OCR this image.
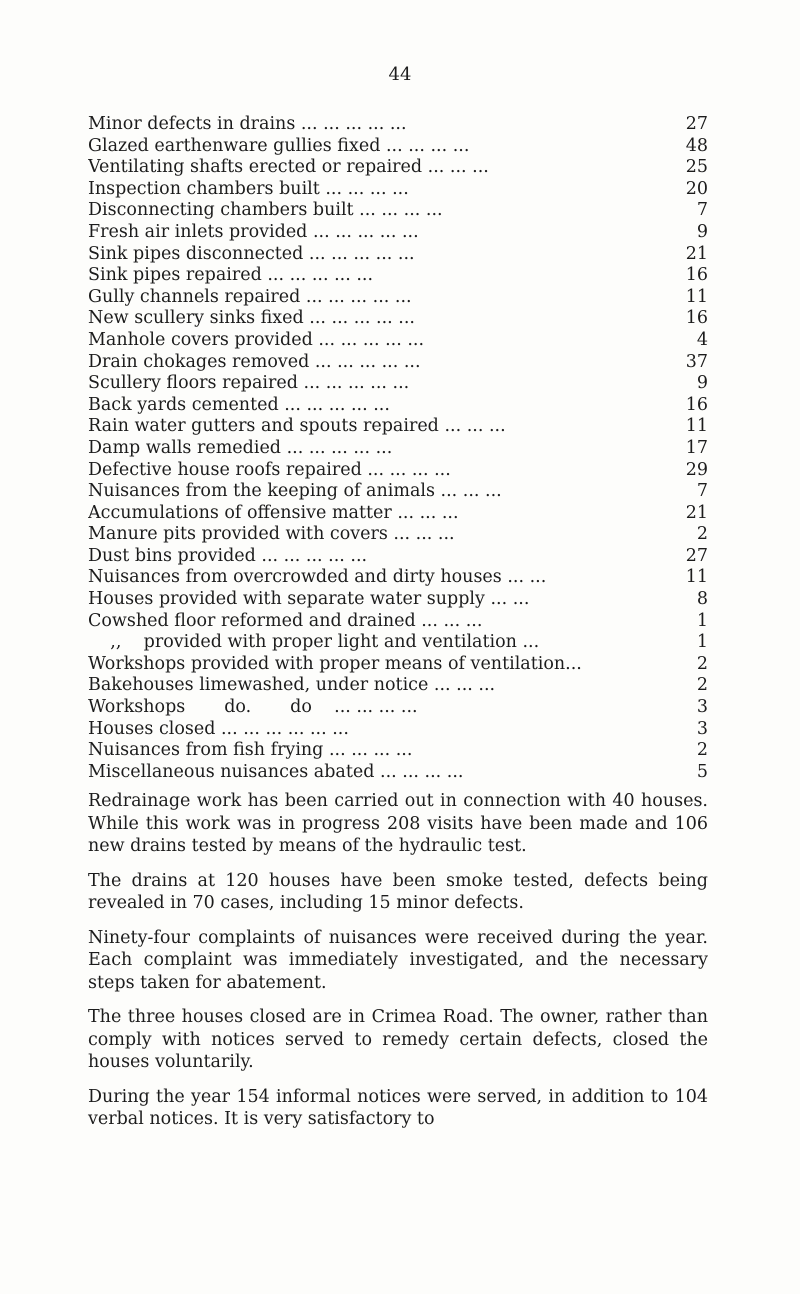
44
Minor defects in drains ... ... ... ... ...	27
Glazed earthenware gullies fixed ... ... ... ...	48
Ventilating shafts erected or repaired ... ... ...	25
Inspection chambers built ... ... ... ...	20
Disconnecting chambers built ... ... ... ...	7
Fresh air inlets provided ... ... ... ... ...	9
Sink pipes disconnected ... ... ... ... ...	21
Sink pipes repaired ... ... ... ... ...	16
Gully channels repaired ... ... ... ... ...	11
New scullery sinks fixed ... ... ... ... ...	16
Manhole covers provided ... ... ... ... ...	4
Drain chokages removed ... ... ... ... ...	37
Scullery floors repaired ... ... ... ... ...	9
Back yards cemented ... ... ... ... ...	16
Rain water gutters and spouts repaired ... ... ...	11
Damp walls remedied ... ... ... ... ...	17
Defective house roofs repaired ... ... ... ...	29
Nuisances from the keeping of animals ... ... ...	7
Accumulations of offensive matter ... ... ...	21
Manure pits provided with covers ... ... ...	2
Dust bins provided ... ... ... ... ...	27
Nuisances from overcrowded and dirty houses ... ...	11
Houses provided with separate water supply ... ...	8
Cowshed floor reformed and drained ... ... ...	1
,,    provided with proper light and ventilation ...	1
Workshops provided with proper means of ventilation...	2
Bakehouses limewashed, under notice ... ... ...	2
Workshops       do.       do    ... ... ... ...	3
Houses closed ... ... ... ... ... ...	3
Nuisances from fish frying ... ... ... ...	2
Miscellaneous nuisances abated ... ... ... ...	5

Redrainage work has been carried out in connection with 40 houses. While this work was in progress 208 visits have been made and 106 new drains tested by means of the hydraulic test.

The drains at 120 houses have been smoke tested, defects being revealed in 70 cases, including 15 minor defects.

Ninety-four complaints of nuisances were received during the year. Each complaint was immediately investigated, and the necessary steps taken for abatement.

The three houses closed are in Crimea Road. The owner, rather than comply with notices served to remedy certain defects, closed the houses voluntarily.

During the year 154 informal notices were served, in addition to 104 verbal notices. It is very satisfactory to
